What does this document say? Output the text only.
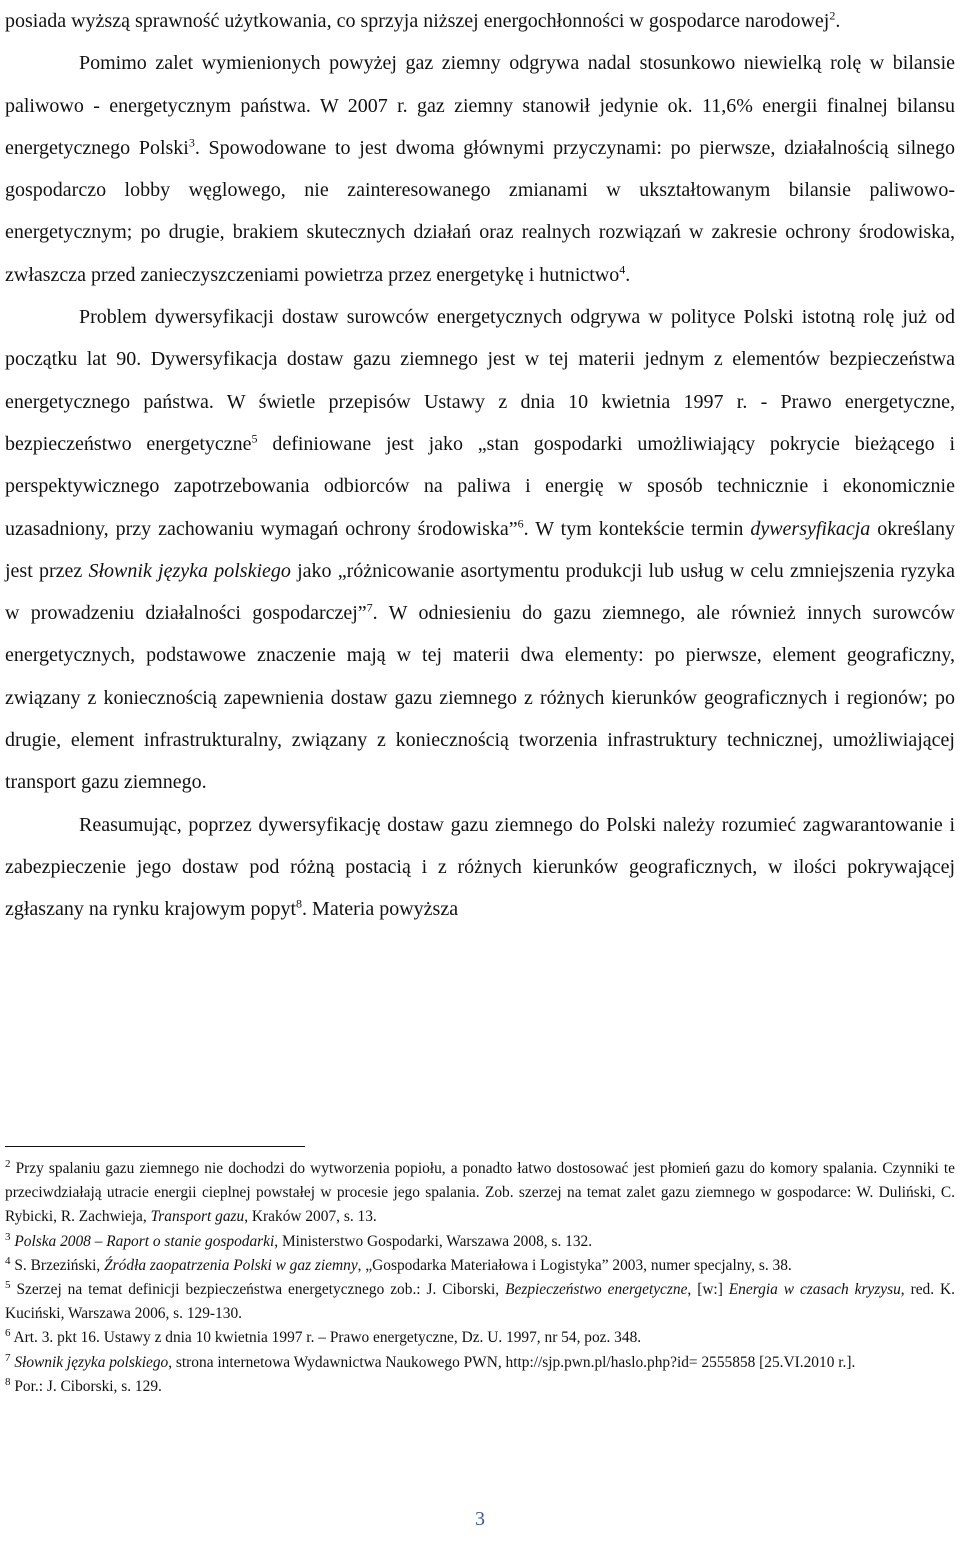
posiada wyższą sprawność użytkowania, co sprzyja niższej energochłonności w gospodarce narodowej$^2$.

Pomimo zalet wymienionych powyżej gaz ziemny odgrywa nadal stosunkowo niewielką rolę w bilansie paliwowo - energetycznym państwa. W 2007 r. gaz ziemny stanowił jedynie ok. 11,6% energii finalnej bilansu energetycznego Polski$^3$. Spowodowane to jest dwoma głównymi przyczynami: po pierwsze, działalnością silnego gospodarczo lobby węglowego, nie zainteresowanego zmianami w ukształtowanym bilansie paliwowo-energetycznym; po drugie, brakiem skutecznych działań oraz realnych rozwiązań w zakresie ochrony środowiska, zwłaszcza przed zanieczyszczeniami powietrza przez energetykę i hutnictwo$^4$.

Problem dywersyfikacji dostaw surowców energetycznych odgrywa w polityce Polski istotną rolę już od początku lat 90. Dywersyfikacja dostaw gazu ziemnego jest w tej materii jednym z elementów bezpieczeństwa energetycznego państwa. W świetle przepisów Ustawy z dnia 10 kwietnia 1997 r. - Prawo energetyczne, bezpieczeństwo energetyczne$^5$ definiowane jest jako „stan gospodarki umożliwiający pokrycie bieżącego i perspektywicznego zapotrzebowania odbiorców na paliwa i energię w sposób technicznie i ekonomicznie uzasadniony, przy zachowaniu wymagań ochrony środowiska”$^6$. W tym kontekście termin dywersyfikacja określany jest przez Słownik języka polskiego jako „różnicowanie asortymentu produkcji lub usług w celu zmniejszenia ryzyka w prowadzeniu działalności gospodarczej”$^7$. W odniesieniu do gazu ziemnego, ale również innych surowców energetycznych, podstawowe znaczenie mają w tej materii dwa elementy: po pierwsze, element geograficzny, związany z koniecznością zapewnienia dostaw gazu ziemnego z różnych kierunków geograficznych i regionów; po drugie, element infrastrukturalny, związany z koniecznością tworzenia infrastruktury technicznej, umożliwiającej transport gazu ziemnego.

Reasumując, poprzez dywersyfikację dostaw gazu ziemnego do Polski należy rozumieć zagwarantowanie i zabezpieczenie jego dostaw pod różną postacią i z różnych kierunków geograficznych, w ilości pokrywającej zgłaszany na rynku krajowym popyt$^8$. Materia powyższa

$^2$ Przy spalaniu gazu ziemnego nie dochodzi do wytworzenia popiołu, a ponadto łatwo dostosować jest płomień gazu do komory spalania. Czynniki te przeciwdziałają utracie energii cieplnej powstałej w procesie jego spalania. Zob. szerzej na temat zalet gazu ziemnego w gospodarce: W. Duliński, C. Rybicki, R. Zachwieja, Transport gazu, Kraków 2007, s. 13.

$^3$ Polska 2008 – Raport o stanie gospodarki, Ministerstwo Gospodarki, Warszawa 2008, s. 132.

$^4$ S. Brzeziński, Źródła zaopatrzenia Polski w gaz ziemny, „Gospodarka Materiałowa i Logistyka” 2003, numer specjalny, s. 38.

$^5$ Szerzej na temat definicji bezpieczeństwa energetycznego zob.: J. Ciborski, Bezpieczeństwo energetyczne, [w:] Energia w czasach kryzysu, red. K. Kuciński, Warszawa 2006, s. 129-130.

$^6$ Art. 3. pkt 16. Ustawy z dnia 10 kwietnia 1997 r. – Prawo energetyczne, Dz. U. 1997, nr 54, poz. 348.

$^7$ Słownik języka polskiego, strona internetowa Wydawnictwa Naukowego PWN, http://sjp.pwn.pl/haslo.php?id= 2555858 [25.VI.2010 r.].

$^8$ Por.: J. Ciborski, s. 129.

3
